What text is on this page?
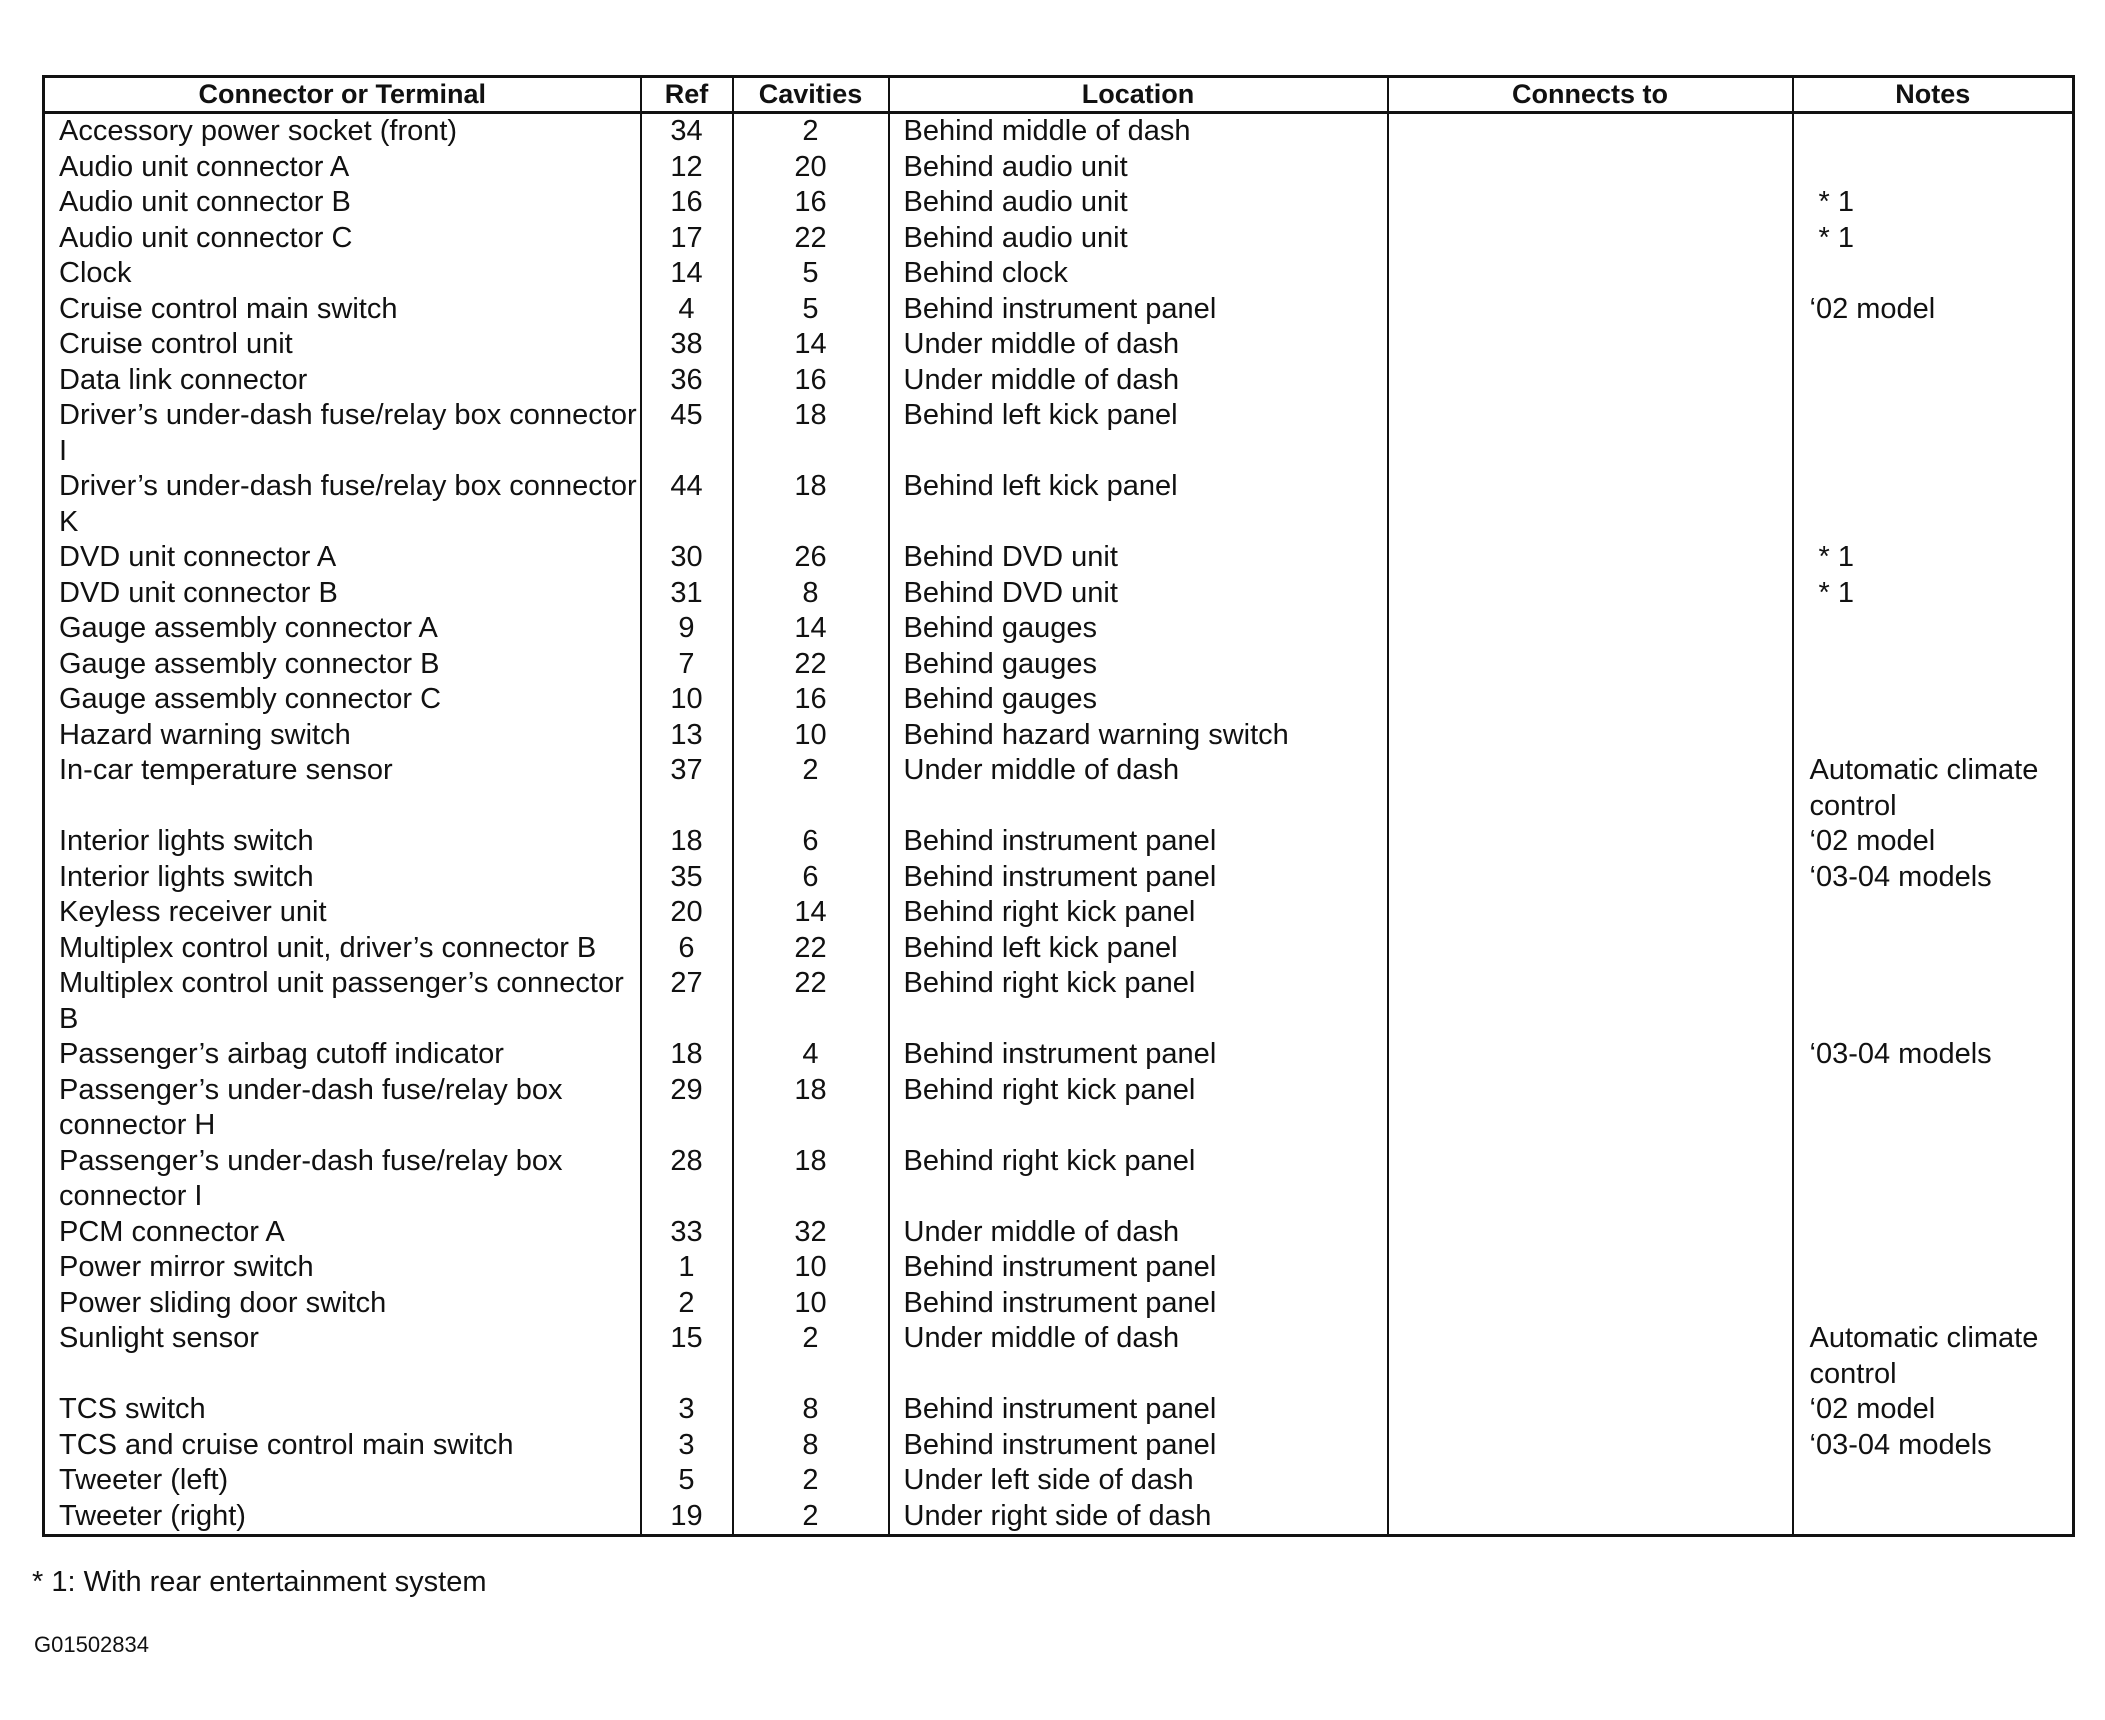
Connector or Terminal	Ref	Cavities	Location	Connects to	Notes
Accessory power socket (front)	34	2	Behind middle of dash		
Audio unit connector A	12	20	Behind audio unit		
Audio unit connector B	16	16	Behind audio unit		* 1
Audio unit connector C	17	22	Behind audio unit		* 1
Clock	14	5	Behind clock		
Cruise control main switch	4	5	Behind instrument panel		‘02 model
Cruise control unit	38	14	Under middle of dash		
Data link connector	36	16	Under middle of dash		
Driver’s under-dash fuse/relay box connector I	45	18	Behind left kick panel		
Driver’s under-dash fuse/relay box connector K	44	18	Behind left kick panel		
DVD unit connector A	30	26	Behind DVD unit		* 1
DVD unit connector B	31	8	Behind DVD unit		* 1
Gauge assembly connector A	9	14	Behind gauges		
Gauge assembly connector B	7	22	Behind gauges		
Gauge assembly connector C	10	16	Behind gauges		
Hazard warning switch	13	10	Behind hazard warning switch		
In-car temperature sensor	37	2	Under middle of dash		Automatic climate control
Interior lights switch	18	6	Behind instrument panel		‘02 model
Interior lights switch	35	6	Behind instrument panel		‘03-04 models
Keyless receiver unit	20	14	Behind right kick panel		
Multiplex control unit, driver’s connector B	6	22	Behind left kick panel		
Multiplex control unit passenger’s connector B	27	22	Behind right kick panel		
Passenger’s airbag cutoff indicator	18	4	Behind instrument panel		‘03-04 models
Passenger’s under-dash fuse/relay box connector H	29	18	Behind right kick panel		
Passenger’s under-dash fuse/relay box connector I	28	18	Behind right kick panel		
PCM connector A	33	32	Under middle of dash		
Power mirror switch	1	10	Behind instrument panel		
Power sliding door switch	2	10	Behind instrument panel		
Sunlight sensor	15	2	Under middle of dash		Automatic climate control
TCS switch	3	8	Behind instrument panel		‘02 model
TCS and cruise control main switch	3	8	Behind instrument panel		‘03-04 models
Tweeter (left)	5	2	Under left side of dash		
Tweeter (right)	19	2	Under right side of dash		
* 1: With rear entertainment system
G01502834
